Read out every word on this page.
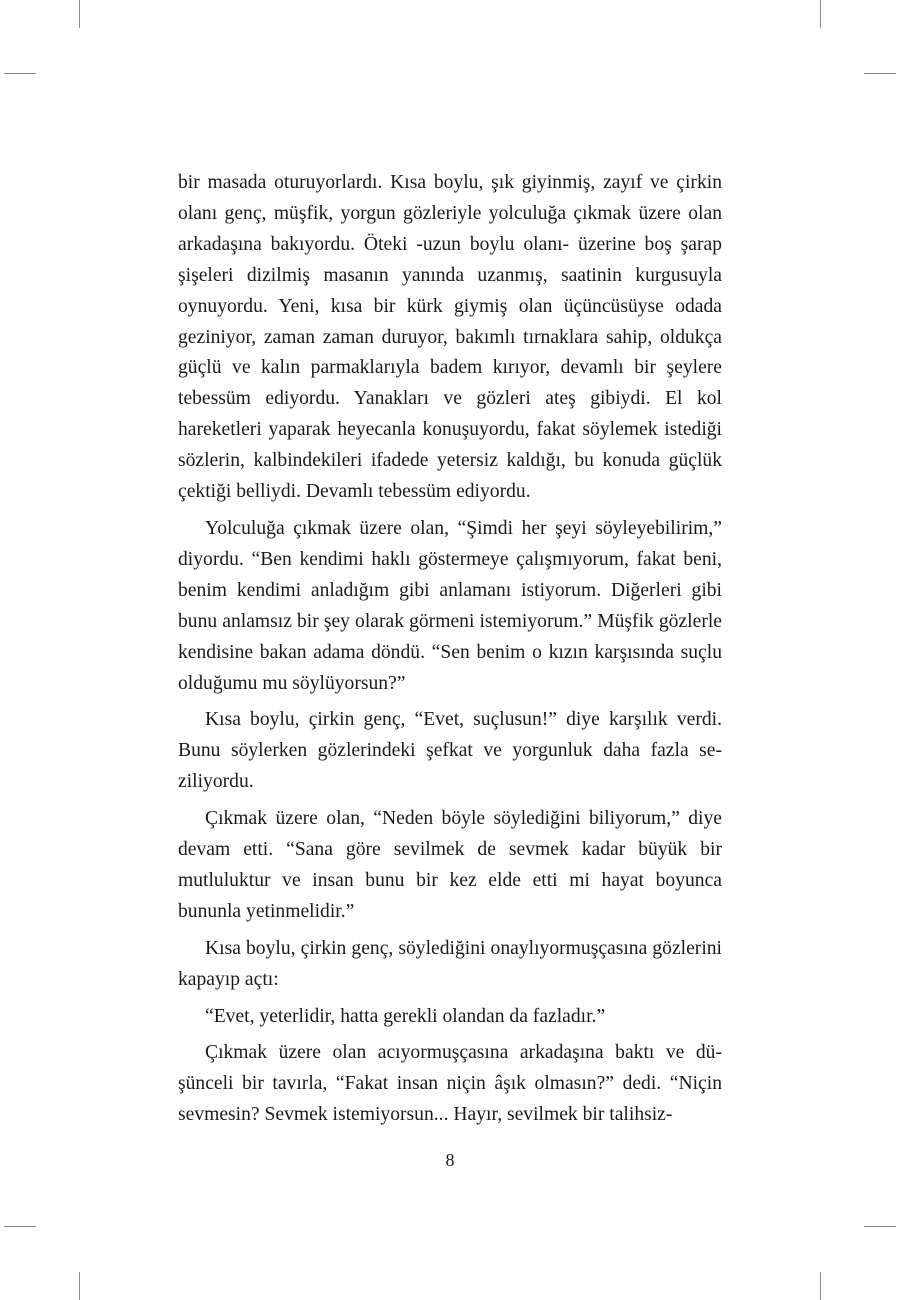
bir masada oturuyorlardı. Kısa boylu, şık giyinmiş, zayıf ve çirkin olanı genç, müşfik, yorgun gözleriyle yolculuğa çıkmak üzere olan arkadaşına bakıyordu. Öteki -uzun boylu olanı- üzerine boş şarap şişeleri dizilmiş masanın yanında uzanmış, saatinin kurgusuyla oynuyordu. Yeni, kısa bir kürk giymiş olan üçüncüsüyse odada geziniyor, zaman zaman duruyor, bakımlı tırnaklara sahip, oldukça güçlü ve kalın parmaklarıyla badem kırıyor, devamlı bir şeylere tebessüm ediyordu. Yanakları ve gözleri ateş gibiydi. El kol hareketleri yaparak heyecanla konuşuyordu, fakat söylemek istediği sözlerin, kalbindekileri ifadede yetersiz kaldığı, bu konuda güçlük çektiği belliydi. Devamlı tebessüm ediyordu.

Yolculuğa çıkmak üzere olan, “Şimdi her şeyi söyleyebilirim,” diyordu. “Ben kendimi haklı göstermeye çalışmıyorum, fakat beni, benim kendimi anladığım gibi anlamanı istiyorum. Diğerleri gibi bunu anlamsız bir şey olarak görmeni istemiyorum.” Müşfik gözlerle kendisine bakan adama döndü. “Sen benim o kızın karşısında suçlu olduğumu mu söylüyorsun?”

Kısa boylu, çirkin genç, “Evet, suçlusun!” diye karşılık verdi. Bunu söylerken gözlerindeki şefkat ve yorgunluk daha fazla seziliyordu.

Çıkmak üzere olan, “Neden böyle söylediğini biliyorum,” diye devam etti. “Sana göre sevilmek de sevmek kadar büyük bir mutluluktur ve insan bunu bir kez elde etti mi hayat boyunca bununla yetinmelidir.”

Kısa boylu, çirkin genç, söylediğini onaylıyormuşçasına gözlerini kapayıp açtı:

“Evet, yeterlidir, hatta gerekli olandan da fazladır.”

Çıkmak üzere olan acıyormuşçasına arkadaşına baktı ve düşünceli bir tavırla, “Fakat insan niçin âşık olmasın?” dedi. “Niçin sevmesin? Sevmek istemiyorsun... Hayır, sevilmek bir talihsiz-

8
